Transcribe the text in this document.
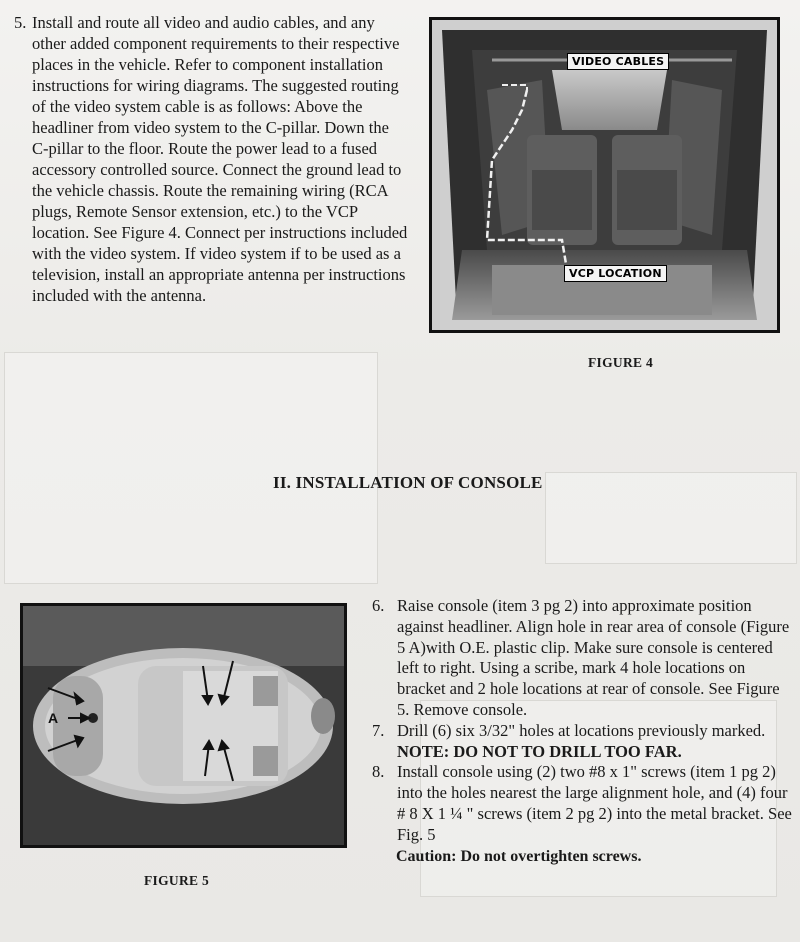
5. Install and route all video and audio cables, and any other added component requirements to their respective places in the vehicle. Refer to component installation instructions for wiring diagrams. The suggested routing of the video system cable is as follows: Above the headliner from video system to the C-pillar. Down the C-pillar to the floor. Route the power lead to a fused accessory controlled source. Connect the ground lead to the vehicle chassis. Route the remaining wiring (RCA plugs, Remote Sensor extension, etc.) to the VCP location. See Figure 4. Connect per instructions included with the video system. If video system if to be used as a television, install an appropriate antenna per instructions included with the antenna.
VIDEO CABLES
VCP LOCATION
FIGURE 4
II. INSTALLATION OF CONSOLE
A
FIGURE 5
6. Raise console (item 3 pg 2) into approximate position against headliner. Align hole in rear area of console (Figure 5 A)with O.E. plastic clip. Make sure console is centered left to right. Using a scribe, mark 4 hole locations on bracket and 2 hole locations at rear of console. See Figure 5. Remove console.
7. Drill (6) six 3/32" holes at locations previously marked. NOTE: DO NOT TO DRILL TOO FAR.
8. Install console using (2) two #8 x 1" screws (item 1 pg 2) into the holes nearest the large alignment hole, and (4) four # 8 X 1 ¼ " screws (item 2 pg 2) into the metal bracket. See Fig. 5
Caution: Do not overtighten screws.
